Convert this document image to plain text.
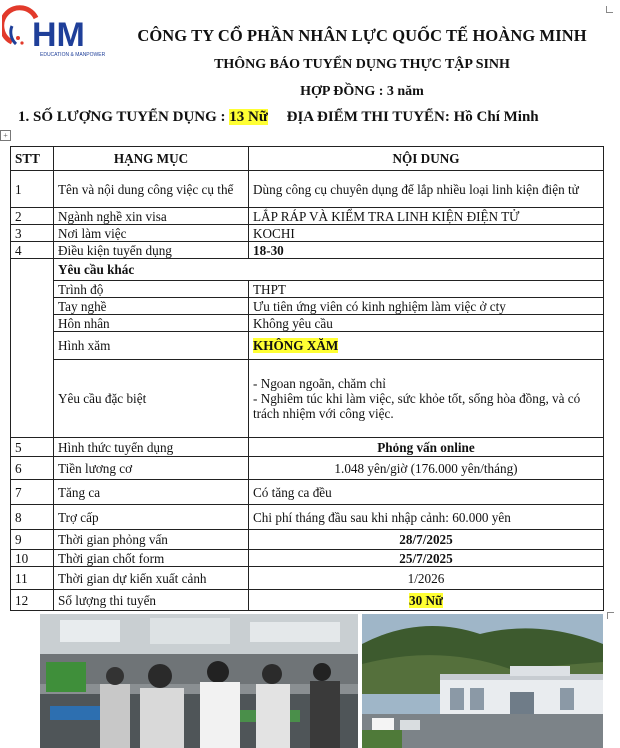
HM
EDUCATION & MANPOWER
CÔNG TY CỔ PHẦN NHÂN LỰC QUỐC TẾ HOÀNG MINH
THÔNG BÁO TUYỂN DỤNG THỰC TẬP SINH
HỢP ĐỒNG : 3 năm
1. SỐ LƯỢNG TUYỂN DỤNG : 13 Nữ ĐỊA ĐIỂM THI TUYỂN: Hồ Chí Minh
+
STT	HẠNG MỤC	NỘI DUNG
1	Tên và nội dung công việc cụ thể	Dùng công cụ chuyên dụng để lắp nhiều loại linh kiện điện tử
2	Ngành nghề xin visa	LẮP RÁP VÀ KIỂM TRA LINH KIỆN ĐIỆN TỬ
3	Nơi làm việc	KOCHI
4	Điều kiện tuyển dụng	18-30
	Yêu cầu khác	
	Trình độ	THPT
	Tay nghề	Ưu tiên ứng viên có kinh nghiệm làm việc ở cty
	Hôn nhân	Không yêu cầu
	Hình xăm	KHÔNG XĂM
	Yêu cầu đặc biệt	- Ngoan ngoãn, chăm chỉ
- Nghiêm túc khi làm việc, sức khỏe tốt, sống hòa đồng, và có trách nhiệm với công việc.

5	Hình thức tuyển dụng	Phỏng vấn online
6	Tiền lương cơ	1.048 yên/giờ (176.000 yên/tháng)
7	Tăng ca	Có tăng ca đều
8	Trợ cấp	Chi phí tháng đầu sau khi nhập cảnh: 60.000 yên
9	Thời gian phỏng vấn	28/7/2025
10	Thời gian chốt form	25/7/2025
11	Thời gian dự kiến xuất cảnh	1/2026
12	Số lượng thi tuyển	30 Nữ
